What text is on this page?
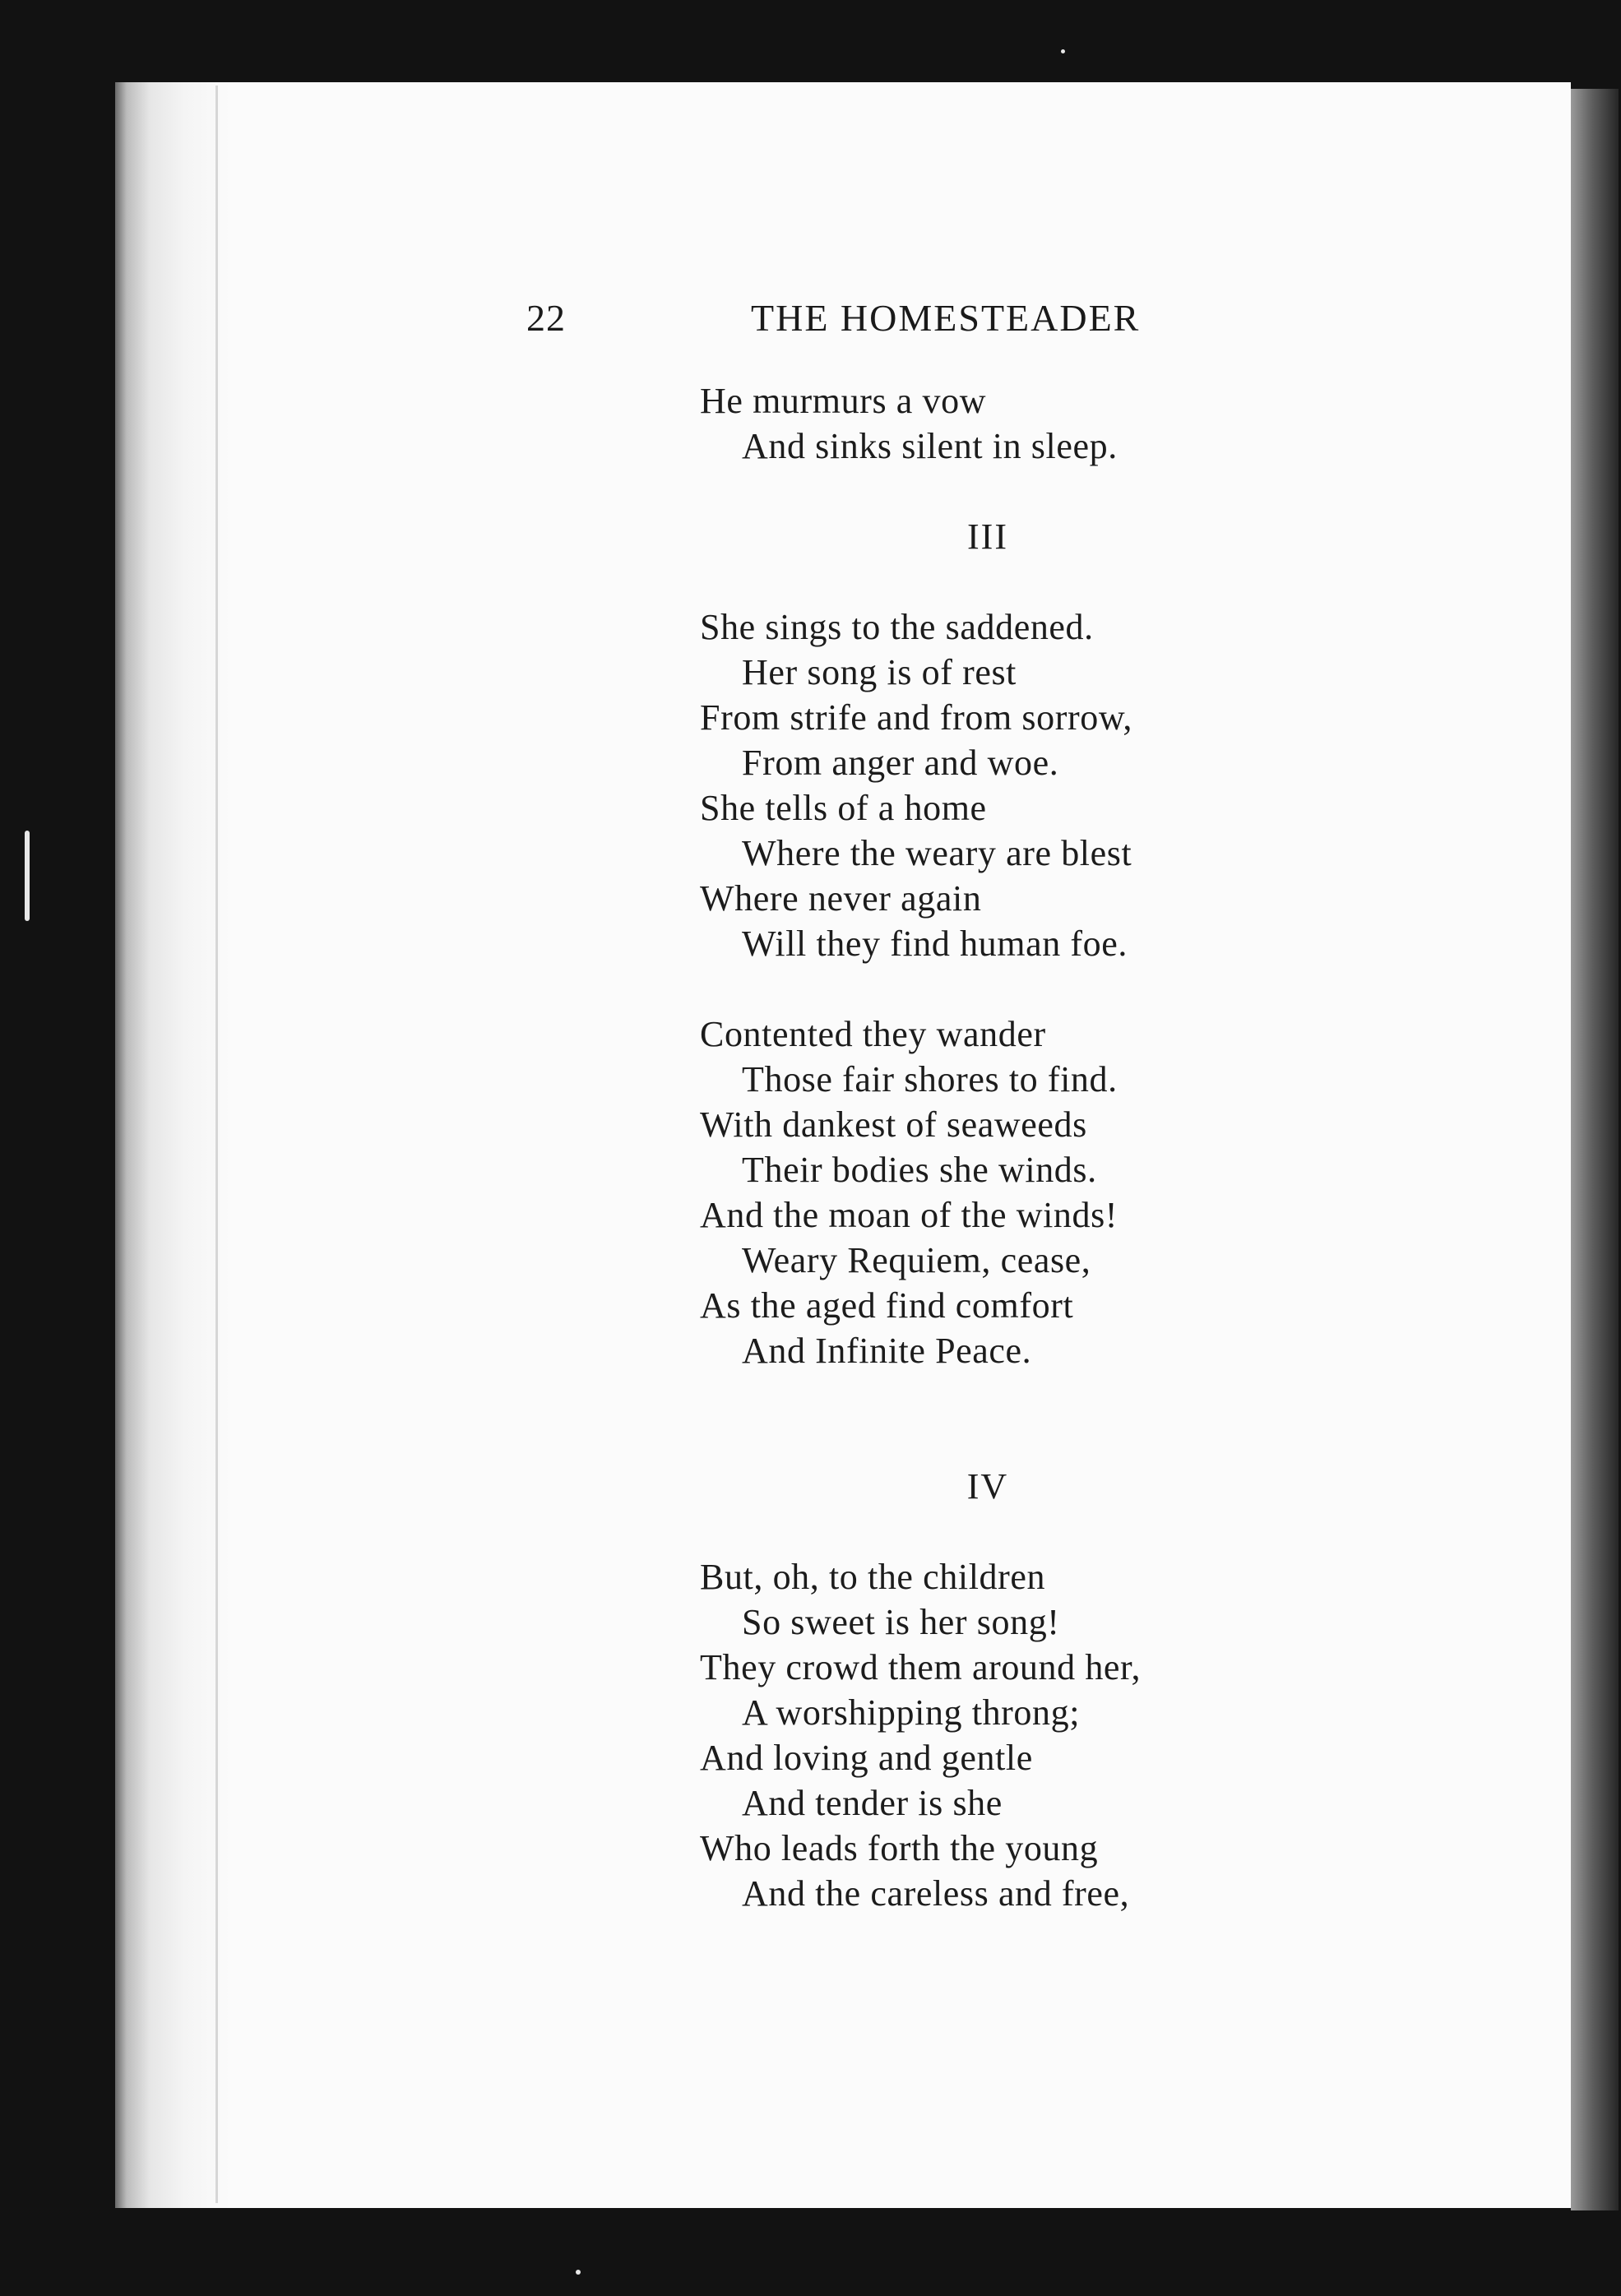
22	THE HOMESTEADER
He murmurs a vow
And sinks silent in sleep.
III
She sings to the saddened.
Her song is of rest
From strife and from sorrow,
From anger and woe.
She tells of a home
Where the weary are blest
Where never again
Will they find human foe.
Contented they wander
Those fair shores to find.
With dankest of seaweeds
Their bodies she winds.
And the moan of the winds!
Weary Requiem, cease,
As the aged find comfort
And Infinite Peace.
IV
But, oh, to the children
So sweet is her song!
They crowd them around her,
A worshipping throng;
And loving and gentle
And tender is she
Who leads forth the young
And the careless and free,
